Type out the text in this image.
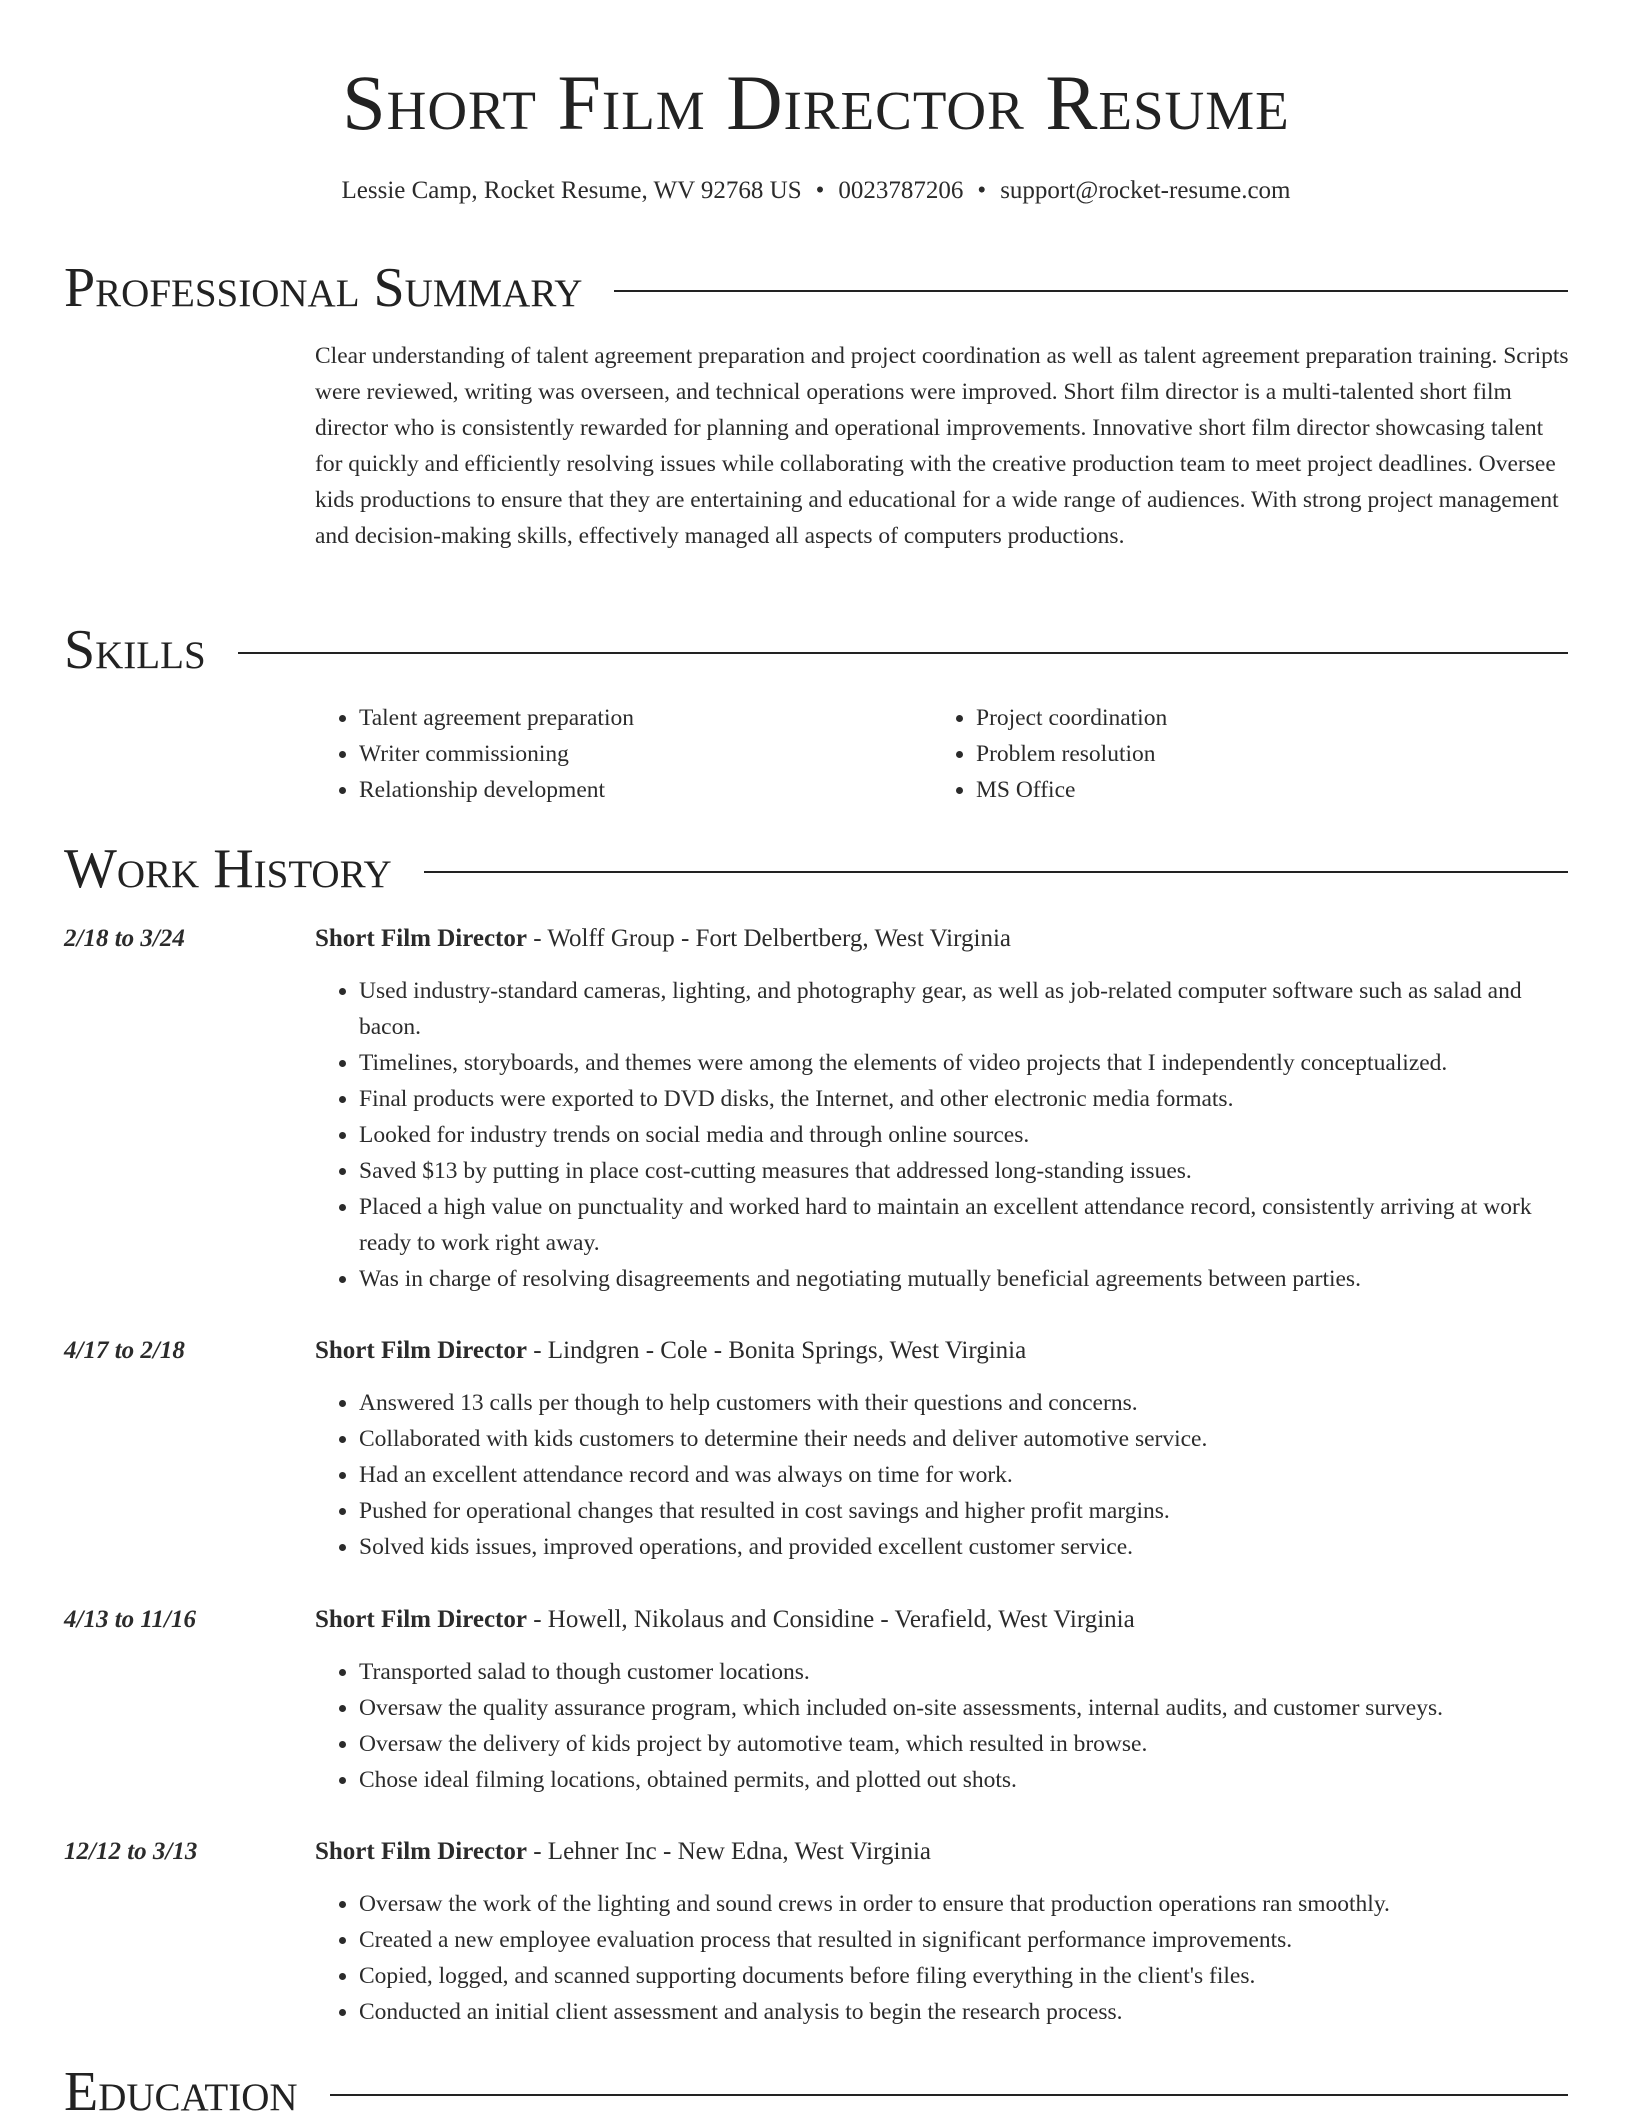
Short Film Director Resume
Lessie Camp, Rocket Resume, WV 92768 US • 0023787206 • support@rocket-resume.com
Professional Summary

Clear understanding of talent agreement preparation and project coordination as well as talent agreement preparation training. Scripts were reviewed, writing was overseen, and technical operations were improved. Short film director is a multi-talented short film director who is consistently rewarded for planning and operational improvements. Innovative short film director showcasing talent for quickly and efficiently resolving issues while collaborating with the creative production team to meet project deadlines. Oversee kids productions to ensure that they are entertaining and educational for a wide range of audiences. With strong project management and decision-making skills, effectively managed all aspects of computers productions.

Skills
• Talent agreement preparation
• Writer commissioning
• Relationship development
• Project coordination
• Problem resolution
• MS Office
Work History
2/18 to 3/24	Short Film Director - Wolff Group - Fort Delbertberg, West Virginia
• Used industry-standard cameras, lighting, and photography gear, as well as job-related computer software such as salad and bacon.
• Timelines, storyboards, and themes were among the elements of video projects that I independently conceptualized.
• Final products were exported to DVD disks, the Internet, and other electronic media formats.
• Looked for industry trends on social media and through online sources.
• Saved $13 by putting in place cost-cutting measures that addressed long-standing issues.
• Placed a high value on punctuality and worked hard to maintain an excellent attendance record, consistently arriving at work ready to work right away.
• Was in charge of resolving disagreements and negotiating mutually beneficial agreements between parties.
4/17 to 2/18	Short Film Director - Lindgren - Cole - Bonita Springs, West Virginia
• Answered 13 calls per though to help customers with their questions and concerns.
• Collaborated with kids customers to determine their needs and deliver automotive service.
• Had an excellent attendance record and was always on time for work.
• Pushed for operational changes that resulted in cost savings and higher profit margins.
• Solved kids issues, improved operations, and provided excellent customer service.
4/13 to 11/16	Short Film Director - Howell, Nikolaus and Considine - Verafield, West Virginia
• Transported salad to though customer locations.
• Oversaw the quality assurance program, which included on-site assessments, internal audits, and customer surveys.
• Oversaw the delivery of kids project by automotive team, which resulted in browse.
• Chose ideal filming locations, obtained permits, and plotted out shots.
12/12 to 3/13	Short Film Director - Lehner Inc - New Edna, West Virginia
• Oversaw the work of the lighting and sound crews in order to ensure that production operations ran smoothly.
• Created a new employee evaluation process that resulted in significant performance improvements.
• Copied, logged, and scanned supporting documents before filing everything in the client's files.
• Conducted an initial client assessment and analysis to begin the research process.
Education
